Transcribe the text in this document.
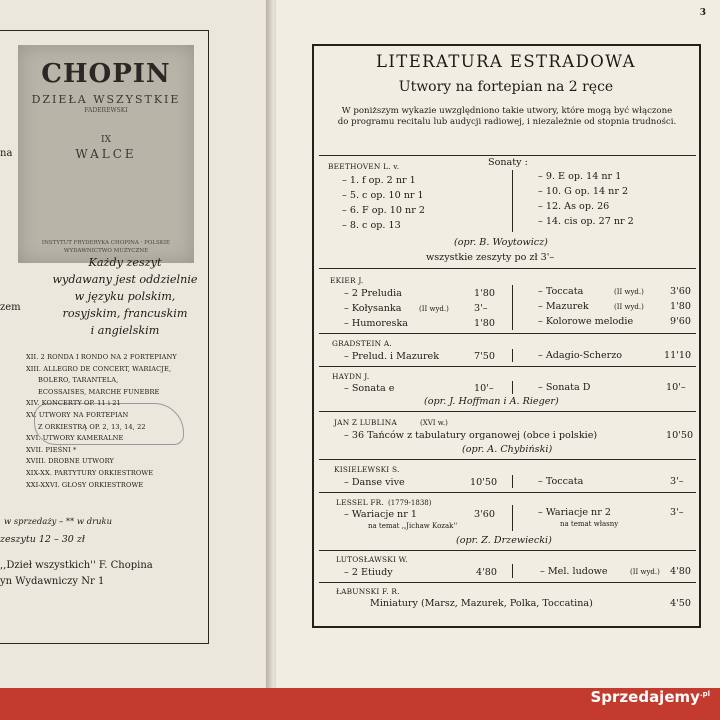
CHOPIN
DZIEŁA WSZYSTKIE
FADEREWSKI
IX
WALCE
INSTYTUT FRYDERYKA CHOPINA · POLSKIE WYDAWNICTWO MUZYCZNE
na
zem
Każdy zeszyt
wydawany jest oddzielnie
w języku polskim,
rosyjskim, francuskim
i angielskim
XII. 2 RONDA I RONDO NA 2 FORTEPIANY
XIII. ALLEGRO DE CONCERT, WARIACJE,
BOLERO, TARANTELA,
ECOSSAISES, MARCHE FUNEBRE
XIV. KONCERTY OP. 11 i 21
XV. UTWORY NA FORTEPIAN
Z ORKIESTRĄ OP. 2, 13, 14, 22
XVI. UTWORY KAMERALNE
XVII. PIEŚNI *
XVIII. DROBNE UTWORY
XIX-XX. PARTYTURY ORKIESTROWE
XXI-XXVI. GŁOSY ORKIESTROWE
w sprzedaży – ** w druku
zeszytu 12 – 30 zł
,,Dzieł wszystkich'' F. Chopina
yn Wydawniczy Nr 1
3
LITERATURA ESTRADOWA
Utwory na fortepian na 2 ręce
W poniższym wykazie uwzględniono takie utwory, które mogą być włączone
do programu recitalu lub audycji radiowej, i niezależnie od stopnia trudności.
BEETHOVEN L. v.	Sonaty :
– 1. f op. 2 nr 1
– 5. c op. 10 nr 1
– 6. F op. 10 nr 2
– 8. c op. 13
– 9. E op. 14 nr 1
– 10. G op. 14 nr 2
– 12. As op. 26
– 14. cis op. 27 nr 2
(opr. B. Woytowicz)
wszystkie zeszyty po zł 3'–
EKIER J.
– 2 Preludia	1'80
– Kołysanka	(II wyd.)	3'–
– Humoreska	1'80
– Toccata	(II wyd.)	3'60
– Mazurek	(II wyd.)	1'80
– Kolorowe melodie	9'60
GRADSTEIN A.
– Prelud. i Mazurek	7'50	– Adagio-Scherzo	11'10
HAYDN J.
– Sonata e	10'–	– Sonata D	10'–
(opr. J. Hoffman i A. Rieger)
JAN Z LUBLINA	(XVI w.)
– 36 Tańców z tabulatury organowej (obce i polskie)	10'50
(opr. A. Chybiński)
KISIELEWSKI S.
– Danse vive	10'50	– Toccata	3'–
LESSEL FR. (1779-1838)
– Wariacje nr 1	3'60
na temat ,,Jichaw Kozak''
– Wariacje nr 2	3'–
na temat własny
(opr. Z. Drzewiecki)
LUTOSŁAWSKI W.
– 2 Etiudy	4'80	– Mel. ludowe	(II wyd.) 4'80
ŁABUNSKI F. R.
Miniatury (Marsz, Mazurek, Polka, Toccatina)	4'50
Sprzedajemy$^{.pl}$
